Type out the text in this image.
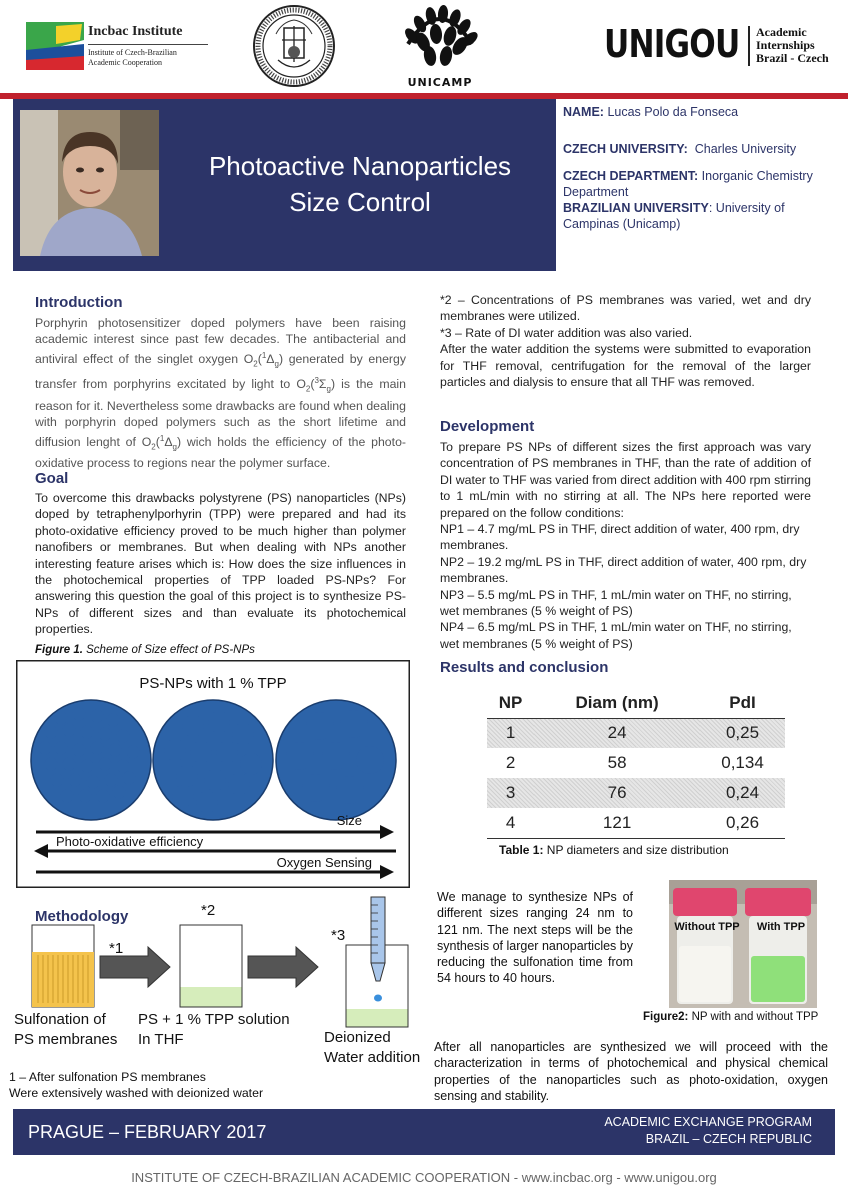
Incbac Institute
Institute of Czech-Brazilian
Academic Cooperation
UNICAMP
UNIGOU Academic
Internships
Brazil - Czech
Photoactive Nanoparticles
Size Control

NAME: Lucas Polo da Fonseca

CZECH UNIVERSITY: Charles University

CZECH DEPARTMENT: Inorganic Chemistry Department

BRAZILIAN UNIVERSITY: University of Campinas (Unicamp)

Introduction
Porphyrin photosensitizer doped polymers have been raising academic interest since past few decades. The antibacterial and antiviral effect of the singlet oxygen $O_2(^1\Delta_g)$ generated by energy transfer from porphyrins excitated by light to $O_2(^3\Sigma_g)$ is the main reason for it. Nevertheless some drawbacks are found when dealing with porphyrin doped polymers such as the short lifetime and diffusion lenght of $O_2(^1\Delta_g)$ wich holds the efficiency of the photo-oxidative process to regions near the polymer surface.
Goal
To overcome this drawbacks polystyrene (PS) nanoparticles (NPs) doped by tetraphenylporhyrin (TPP) were prepared and had its photo-oxidative efficiency proved to be much higher than polymer nanofibers or membranes. But when dealing with NPs another interesting feature arises which is: How does the size influences in the photochemical properties of TPP loaded PS-NPs? For answering this question the goal of this project is to synthesize PS-NPs of different sizes and than evaluate its photochemical properties.
Figure 1. Scheme of Size effect of PS-NPs
PS-NPs with 1 % TPP
Size
Photo-oxidative efficiency
Oxygen Sensing
Methodology
*1
*2
*3
Sulfonation of
PS membranes
PS + 1 % TPP solution
In THF	Deionized
Water addition
1 – After sulfonation PS membranes
Were extensively washed with deionized water
*2 – Concentrations of PS membranes was varied, wet and dry membranes were utilized.
*3 – Rate of DI water addition was also varied.
After the water addition the systems were submitted to evaporation for THF removal, centrifugation for the removal of the larger particles and dialysis to ensure that all THF was removed.
Development
To prepare PS NPs of different sizes the first approach was vary concentration of PS membranes in THF, than the rate of addition of DI water to THF was varied from direct addition with 400 rpm stirring to 1 mL/min with no stirring at all. The NPs here reported were prepared on the follow conditions:
NP1 – 4.7 mg/mL PS in THF, direct addition of water, 400 rpm, dry membranes.
NP2 – 19.2 mg/mL PS in THF, direct addition of water, 400 rpm, dry membranes.
NP3 – 5.5 mg/mL PS in THF, 1 mL/min water on THF, no stirring, wet membranes (5 % weight of PS)
NP4 – 6.5 mg/mL PS in THF, 1 mL/min water on THF, no stirring, wet membranes (5 % weight of PS)
Results and conclusion
NP	Diam (nm)	PdI
1	24	0,25
2	58	0,134
3	76	0,24
4	121	0,26
Table 1: NP diameters and size distribution
We manage to synthesize NPs of different sizes ranging 24 nm to 121 nm. The next steps will be the synthesis of larger nanoparticles by reducing the sulfonation time from 54 hours to 40 hours.
Without TPP With TPP
Figure2: NP with and without TPP
After all nanoparticles are synthesized we will proceed with the characterization in terms of photochemical and physical chemical properties of the nanoparticles such as photo-oxidation, oxygen sensing and stability.
PRAGUE – FEBRUARY 2017	ACADEMIC EXCHANGE PROGRAM
BRAZIL – CZECH REPUBLIC
INSTITUTE OF CZECH-BRAZILIAN ACADEMIC COOPERATION - www.incbac.org - www.unigou.org
